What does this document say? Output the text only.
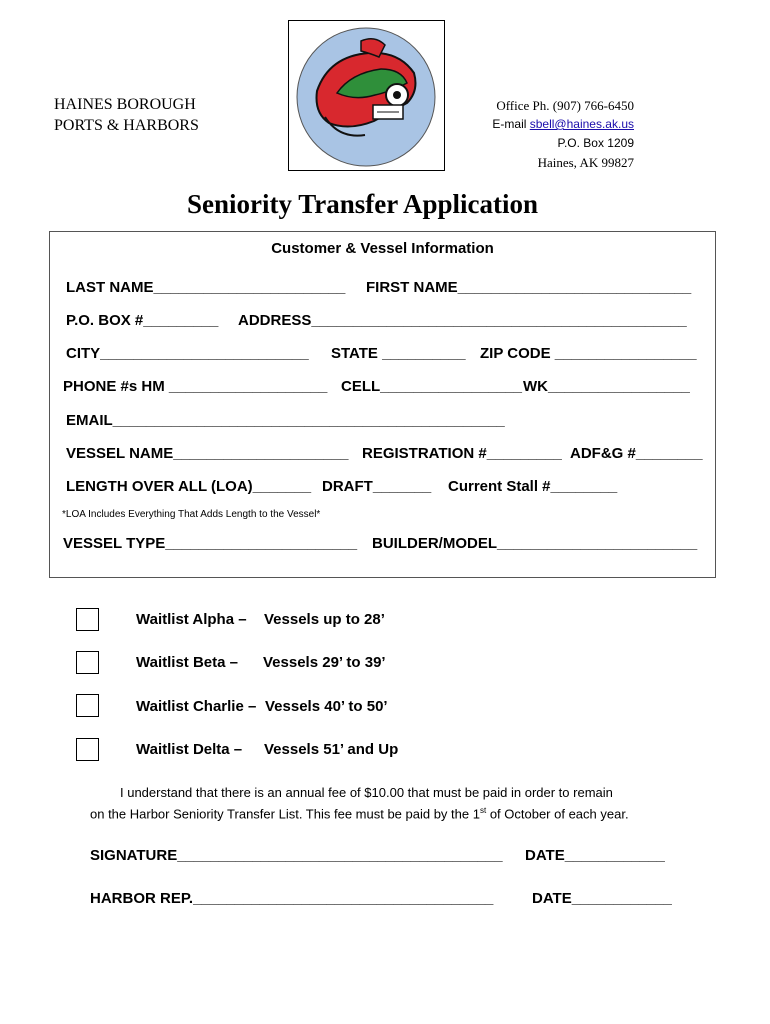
HAINES BOROUGH
PORTS & HARBORS
Office Ph. (907) 766-6450
E-mail sbell@haines.ak.us
P.O. Box 1209
Haines, AK 99827
Seniority Transfer Application
Customer & Vessel Information
LAST NAME_______________________ FIRST NAME____________________________
P.O. BOX #_________ ADDRESS_____________________________________________
CITY_________________________ STATE __________ ZIP CODE _________________
PHONE #s HM ___________________ CELL_________________ WK_________________
EMAIL_______________________________________________
VESSEL NAME_____________________ REGISTRATION #_________ ADF&G #________
LENGTH OVER ALL (LOA)_______ DRAFT_______ Current Stall #________
*LOA Includes Everything That Adds Length to the Vessel*
VESSEL TYPE_______________________ BUILDER/MODEL________________________
Waitlist Alpha – Vessels up to 28’
Waitlist Beta – Vessels 29’ to 39’
Waitlist Charlie – Vessels 40’ to 50’
Waitlist Delta – Vessels 51’ and Up
I understand that there is an annual fee of $10.00 that must be paid in order to remain
on the Harbor Seniority Transfer List. This fee must be paid by the 1st of October of each year.
SIGNATURE_______________________________________ DATE____________
HARBOR REP.____________________________________	DATE____________
